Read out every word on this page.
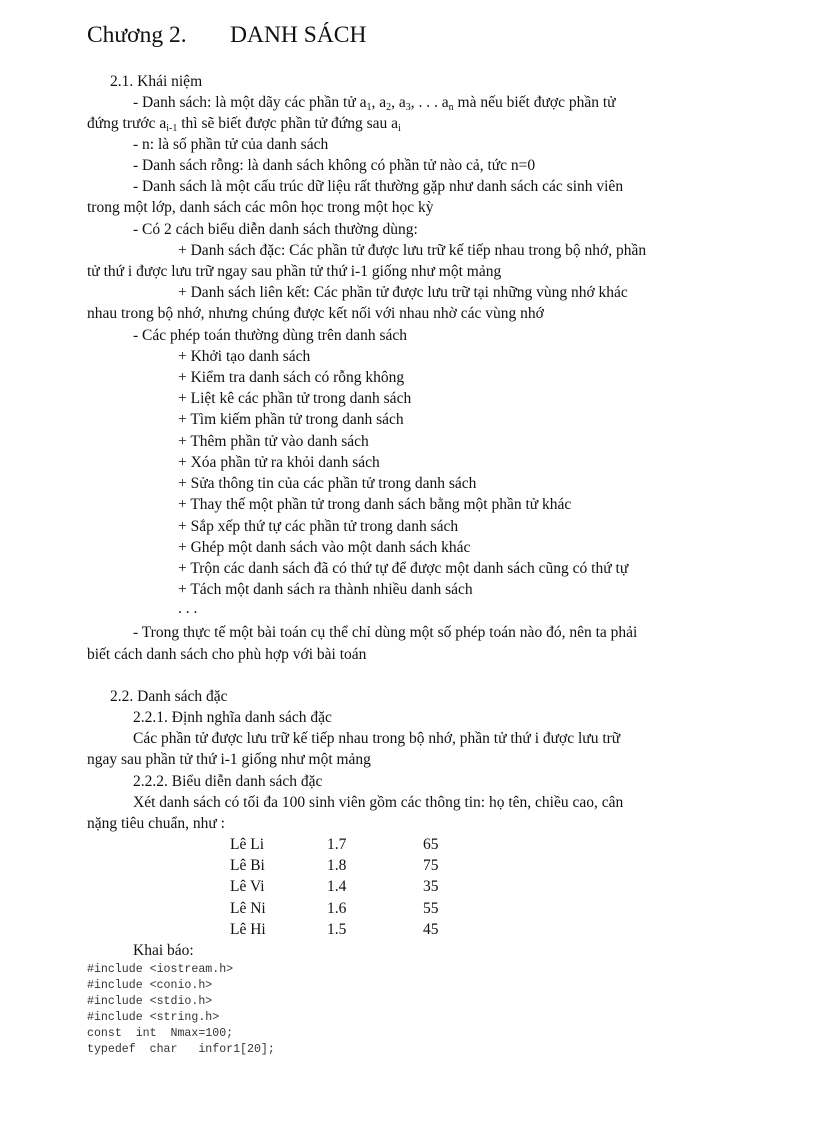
Chương 2. DANH SÁCH
2.1. Khái niệm
- Danh sách: là một dãy các phần tử $a_1$, $a_2$, $a_3$, . . . $a_n$ mà nếu biết được phần tử
đứng trước $a_{i-1}$ thì sẽ biết được phần tử đứng sau $a_i$
- n: là số phần tử của danh sách
- Danh sách rỗng: là danh sách không có phần tử nào cả, tức n=0
- Danh sách là một cấu trúc dữ liệu rất thường gặp như danh sách các sinh viên
trong một lớp, danh sách các môn học trong một học kỳ
- Có 2 cách biểu diễn danh sách thường dùng:
+ Danh sách đặc: Các phần tử được lưu trữ kế tiếp nhau trong bộ nhớ, phần
tử thứ i được lưu trữ ngay sau phần tử thứ i-1 giống như một mảng
+ Danh sách liên kết: Các phần tử được lưu trữ tại những vùng nhớ khác
nhau trong bộ nhớ, nhưng chúng được kết nối với nhau nhờ các vùng nhớ
- Các phép toán thường dùng trên danh sách
+ Khởi tạo danh sách
+ Kiểm tra danh sách có rỗng không
+ Liệt kê các phần tử trong danh sách
+ Tìm kiếm phần tử trong danh sách
+ Thêm phần tử vào danh sách
+ Xóa phần tử ra khỏi danh sách
+ Sửa thông tin của các phần tử trong danh sách
+ Thay thế một phần tử trong danh sách bằng một phần tử khác
+ Sắp xếp thứ tự các phần tử trong danh sách
+ Ghép một danh sách vào một danh sách khác
+ Trộn các danh sách đã có thứ tự để được một danh sách cũng có thứ tự
+ Tách một danh sách ra thành nhiều danh sách
. . .
- Trong thực tế một bài toán cụ thể chỉ dùng một số phép toán nào đó, nên ta phải
biết cách danh sách cho phù hợp với bài toán
2.2. Danh sách đặc
2.2.1. Định nghĩa danh sách đặc
Các phần tử được lưu trữ kế tiếp nhau trong bộ nhớ, phần tử thứ i được lưu trữ
ngay sau phần tử thứ i-1 giống như một mảng
2.2.2. Biểu diễn danh sách đặc
Xét danh sách có tối đa 100 sinh viên gồm các thông tin: họ tên, chiều cao, cân
nặng tiêu chuẩn, như :
Lê Li	1.7	65
Lê Bi	1.8	75
Lê Vi	1.4	35
Lê Ni	1.6	55
Lê Hi	1.5	45
Khai báo:
#include <iostream.h>
#include <conio.h>
#include <stdio.h>
#include <string.h>
const  int  Nmax=100;
typedef  char   infor1[20];
